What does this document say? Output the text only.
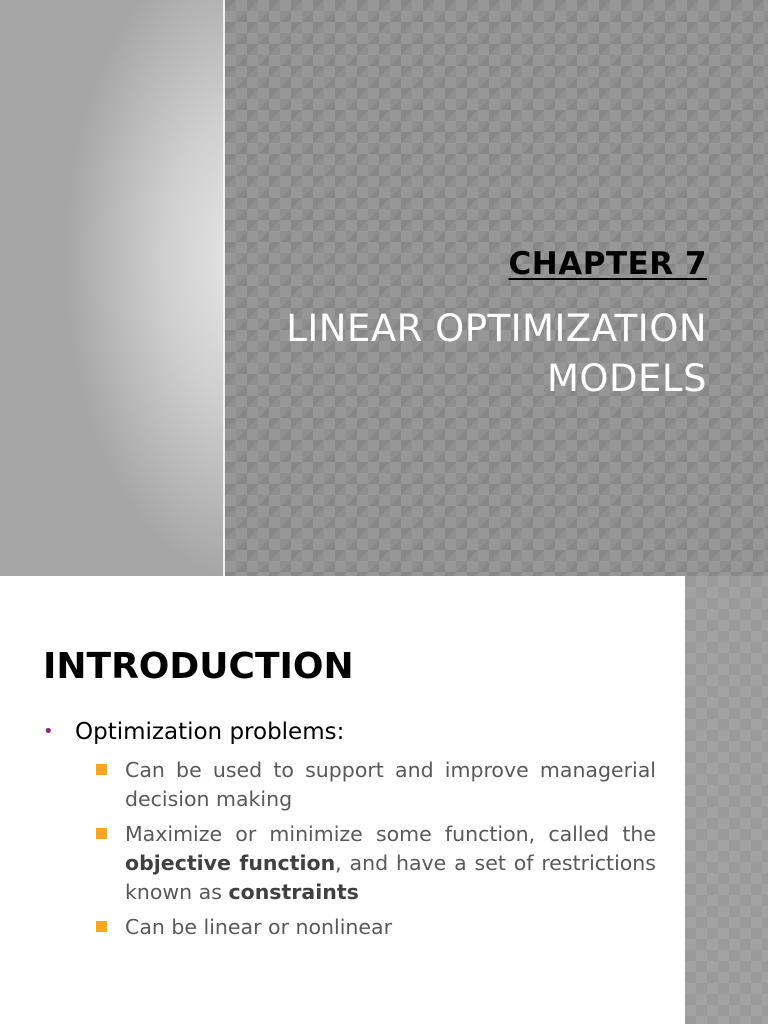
CHAPTER 7
LINEAR OPTIMIZATION
MODELS
INTRODUCTION
• Optimization problems:
Can be used to support and improve managerial decision making
Maximize or minimize some function, called the objective function, and have a set of restrictions known as constraints
Can be linear or nonlinear
